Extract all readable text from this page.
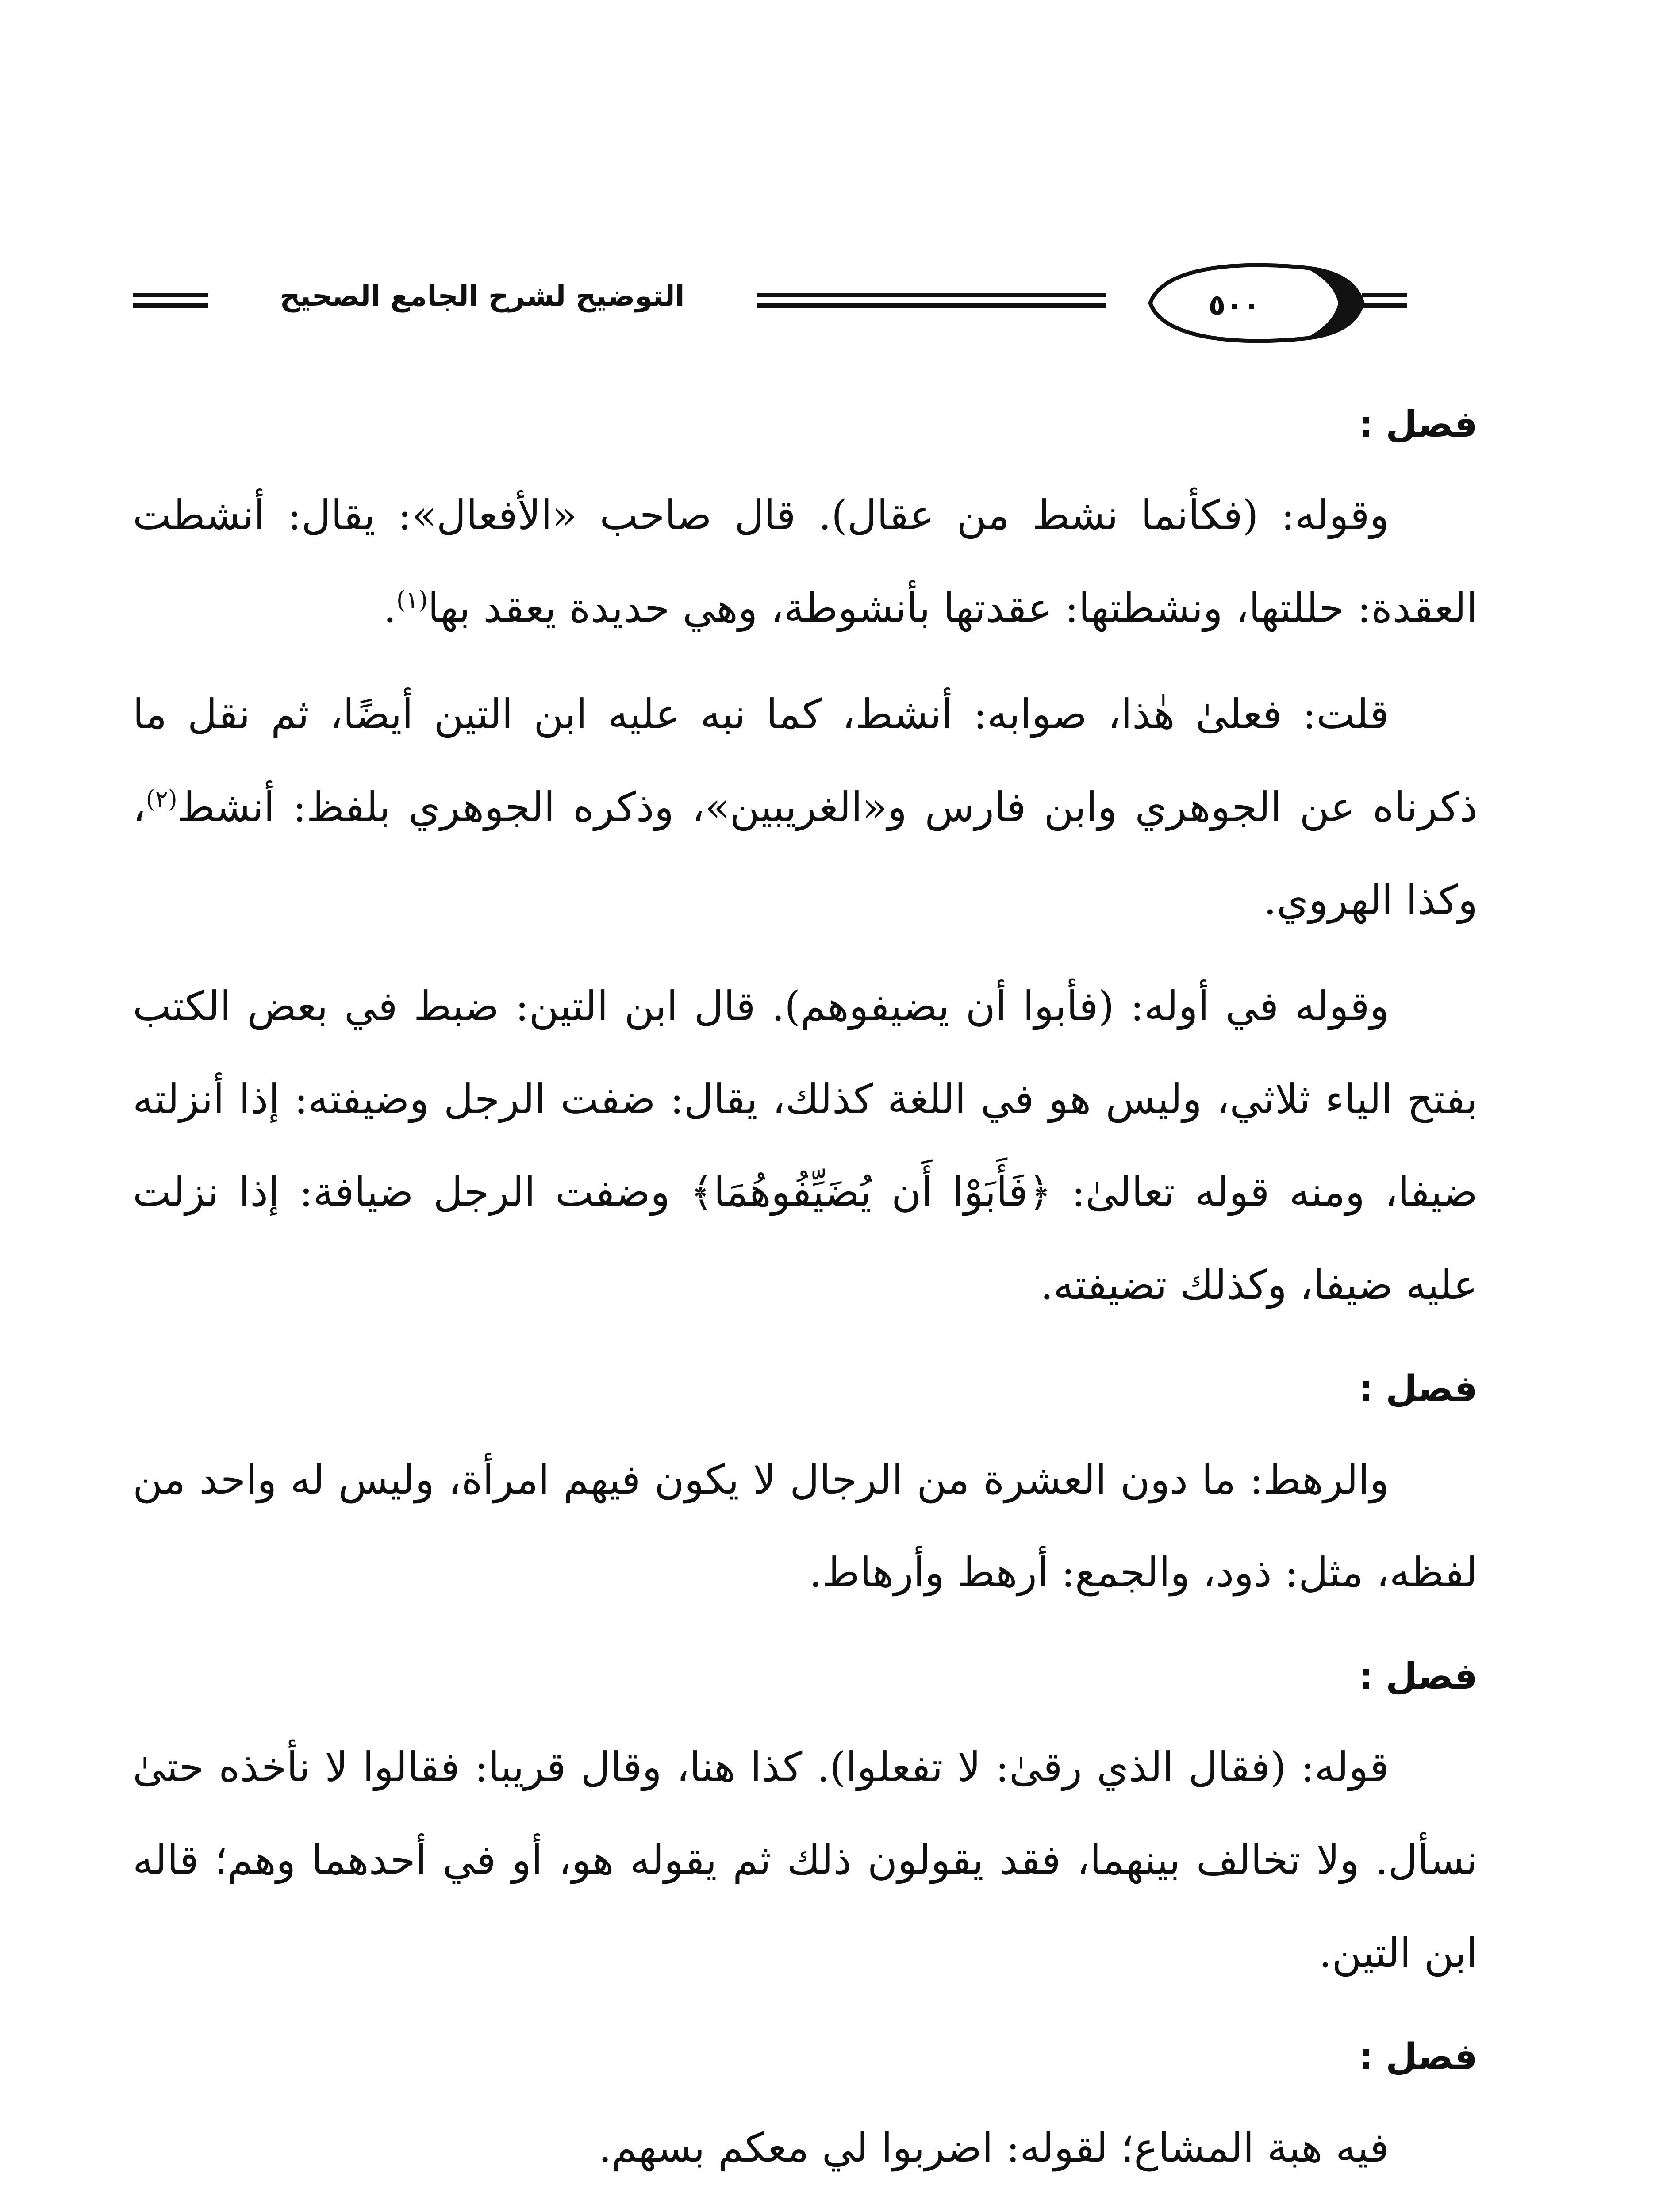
التوضيح لشرح الجامع الصحيح	٥٠٠
فصل :

وقوله: (فكأنما نشط من عقال). قال صاحب «الأفعال»: يقال: أنشطت العقدة: حللتها، ونشطتها: عقدتها بأنشوطة، وهي حديدة يعقد بها$^{(١)}$.

قلت: فعلىٰ هٰذا، صوابه: أنشط، كما نبه عليه ابن التين أيضًا، ثم نقل ما ذكرناه عن الجوهري وابن فارس و«الغريبين»، وذكره الجوهري بلفظ: أنشط$^{(٢)}$، وكذا الهروي.

وقوله في أوله: (فأبوا أن يضيفوهم). قال ابن التين: ضبط في بعض الكتب بفتح الياء ثلاثي، وليس هو في اللغة كذلك، يقال: ضفت الرجل وضيفته: إذا أنزلته ضيفا، ومنه قوله تعالىٰ: ﴿فَأَبَوْا أَن يُضَيِّفُوهُمَا﴾ وضفت الرجل ضيافة: إذا نزلت عليه ضيفا، وكذلك تضيفته.

فصل :

والرهط: ما دون العشرة من الرجال لا يكون فيهم امرأة، وليس له واحد من لفظه، مثل: ذود، والجمع: أرهط وأرهاط.

فصل :

قوله: (فقال الذي رقىٰ: لا تفعلوا). كذا هنا، وقال قريبا: فقالوا لا نأخذه حتىٰ نسأل. ولا تخالف بينهما، فقد يقولون ذلك ثم يقوله هو، أو في أحدهما وهم؛ قاله ابن التين.

فصل :

فيه هبة المشاع؛ لقوله: اضربوا لي معكم بسهم.
